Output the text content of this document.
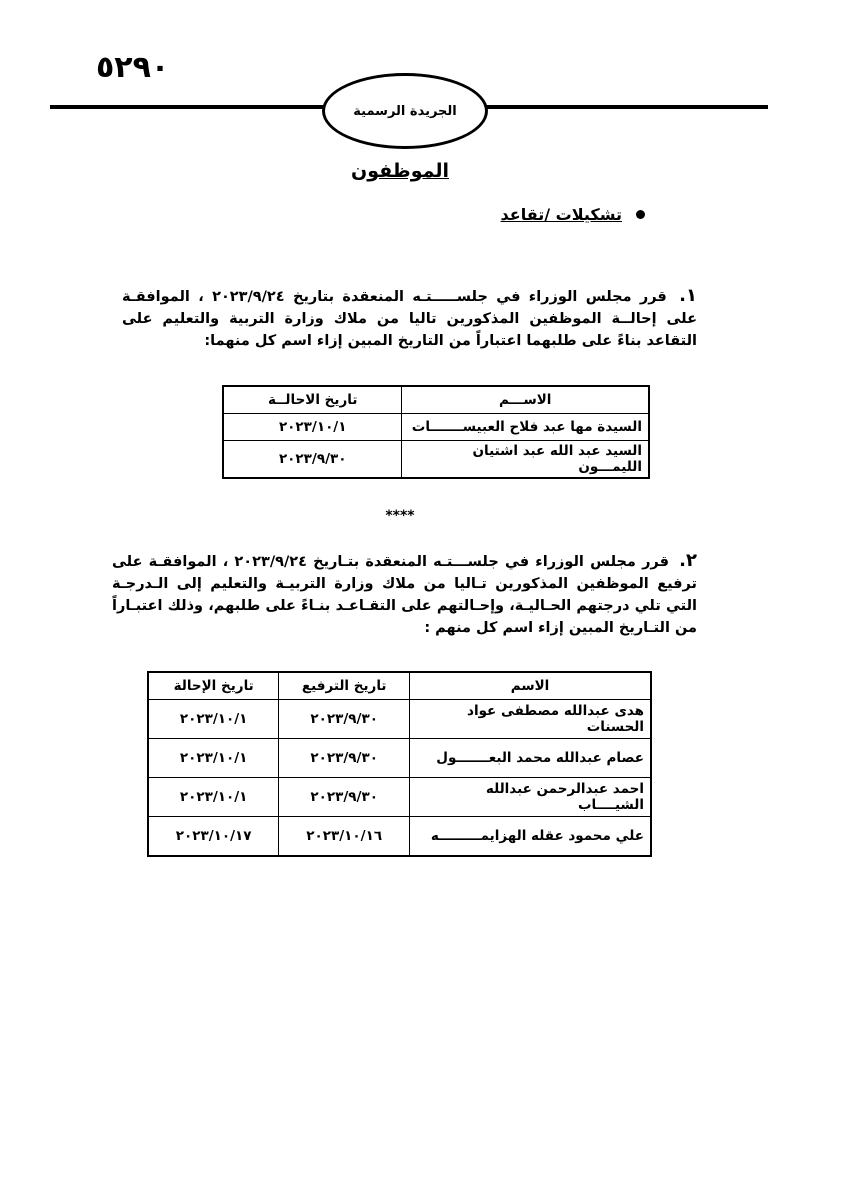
٥٢٩٠
الجريدة الرسمية
الموظفون
تشكيلات /تقاعد
١. قرر مجلس الوزراء في جلســـــتـه المنعقدة بتاريخ ٢٠٢٣/٩/٢٤ ، الموافقـة على إحالــة الموظفين المذكورين تاليا من ملاك وزارة التربية والتعليم على التقاعد بناءً على طلبهما اعتباراً من التاريخ المبين إزاء اسم كل منهما:
الاســـم	تاريخ الاحالــة
السيدة مها عبد فلاح العبيســـــــات	٢٠٢٣/١٠/١
السيد عبد الله عبد اشتيان الليمـــون	٢٠٢٣/٩/٣٠
****
٢. قرر مجلس الوزراء في جلســـتـه المنعقدة بتـاريخ ٢٠٢٣/٩/٢٤ ، الموافقـة على ترفيع الموظفين المذكورين تـاليا من ملاك وزارة التربيـة والتعليم إلى الـدرجـة التي تلي درجتهم الحـاليـة، وإحـالتهم على التقـاعـد بنـاءً على طلبهم، وذلك اعتبـاراً من التـاريخ المبين إزاء اسم كل منهم :
الاسم	تاريخ الترفيع	تاريخ الإحالة
هدى عبدالله مصطفى عواد الحسنات	٢٠٢٣/٩/٣٠	٢٠٢٣/١٠/١
عصام عبدالله محمد البعـــــــول	٢٠٢٣/٩/٣٠	٢٠٢٣/١٠/١
احمد عبدالرحمن عبدالله الشيــــاب	٢٠٢٣/٩/٣٠	٢٠٢٣/١٠/١
علي محمود عقله الهزايمـــــــــه	٢٠٢٣/١٠/١٦	٢٠٢٣/١٠/١٧
